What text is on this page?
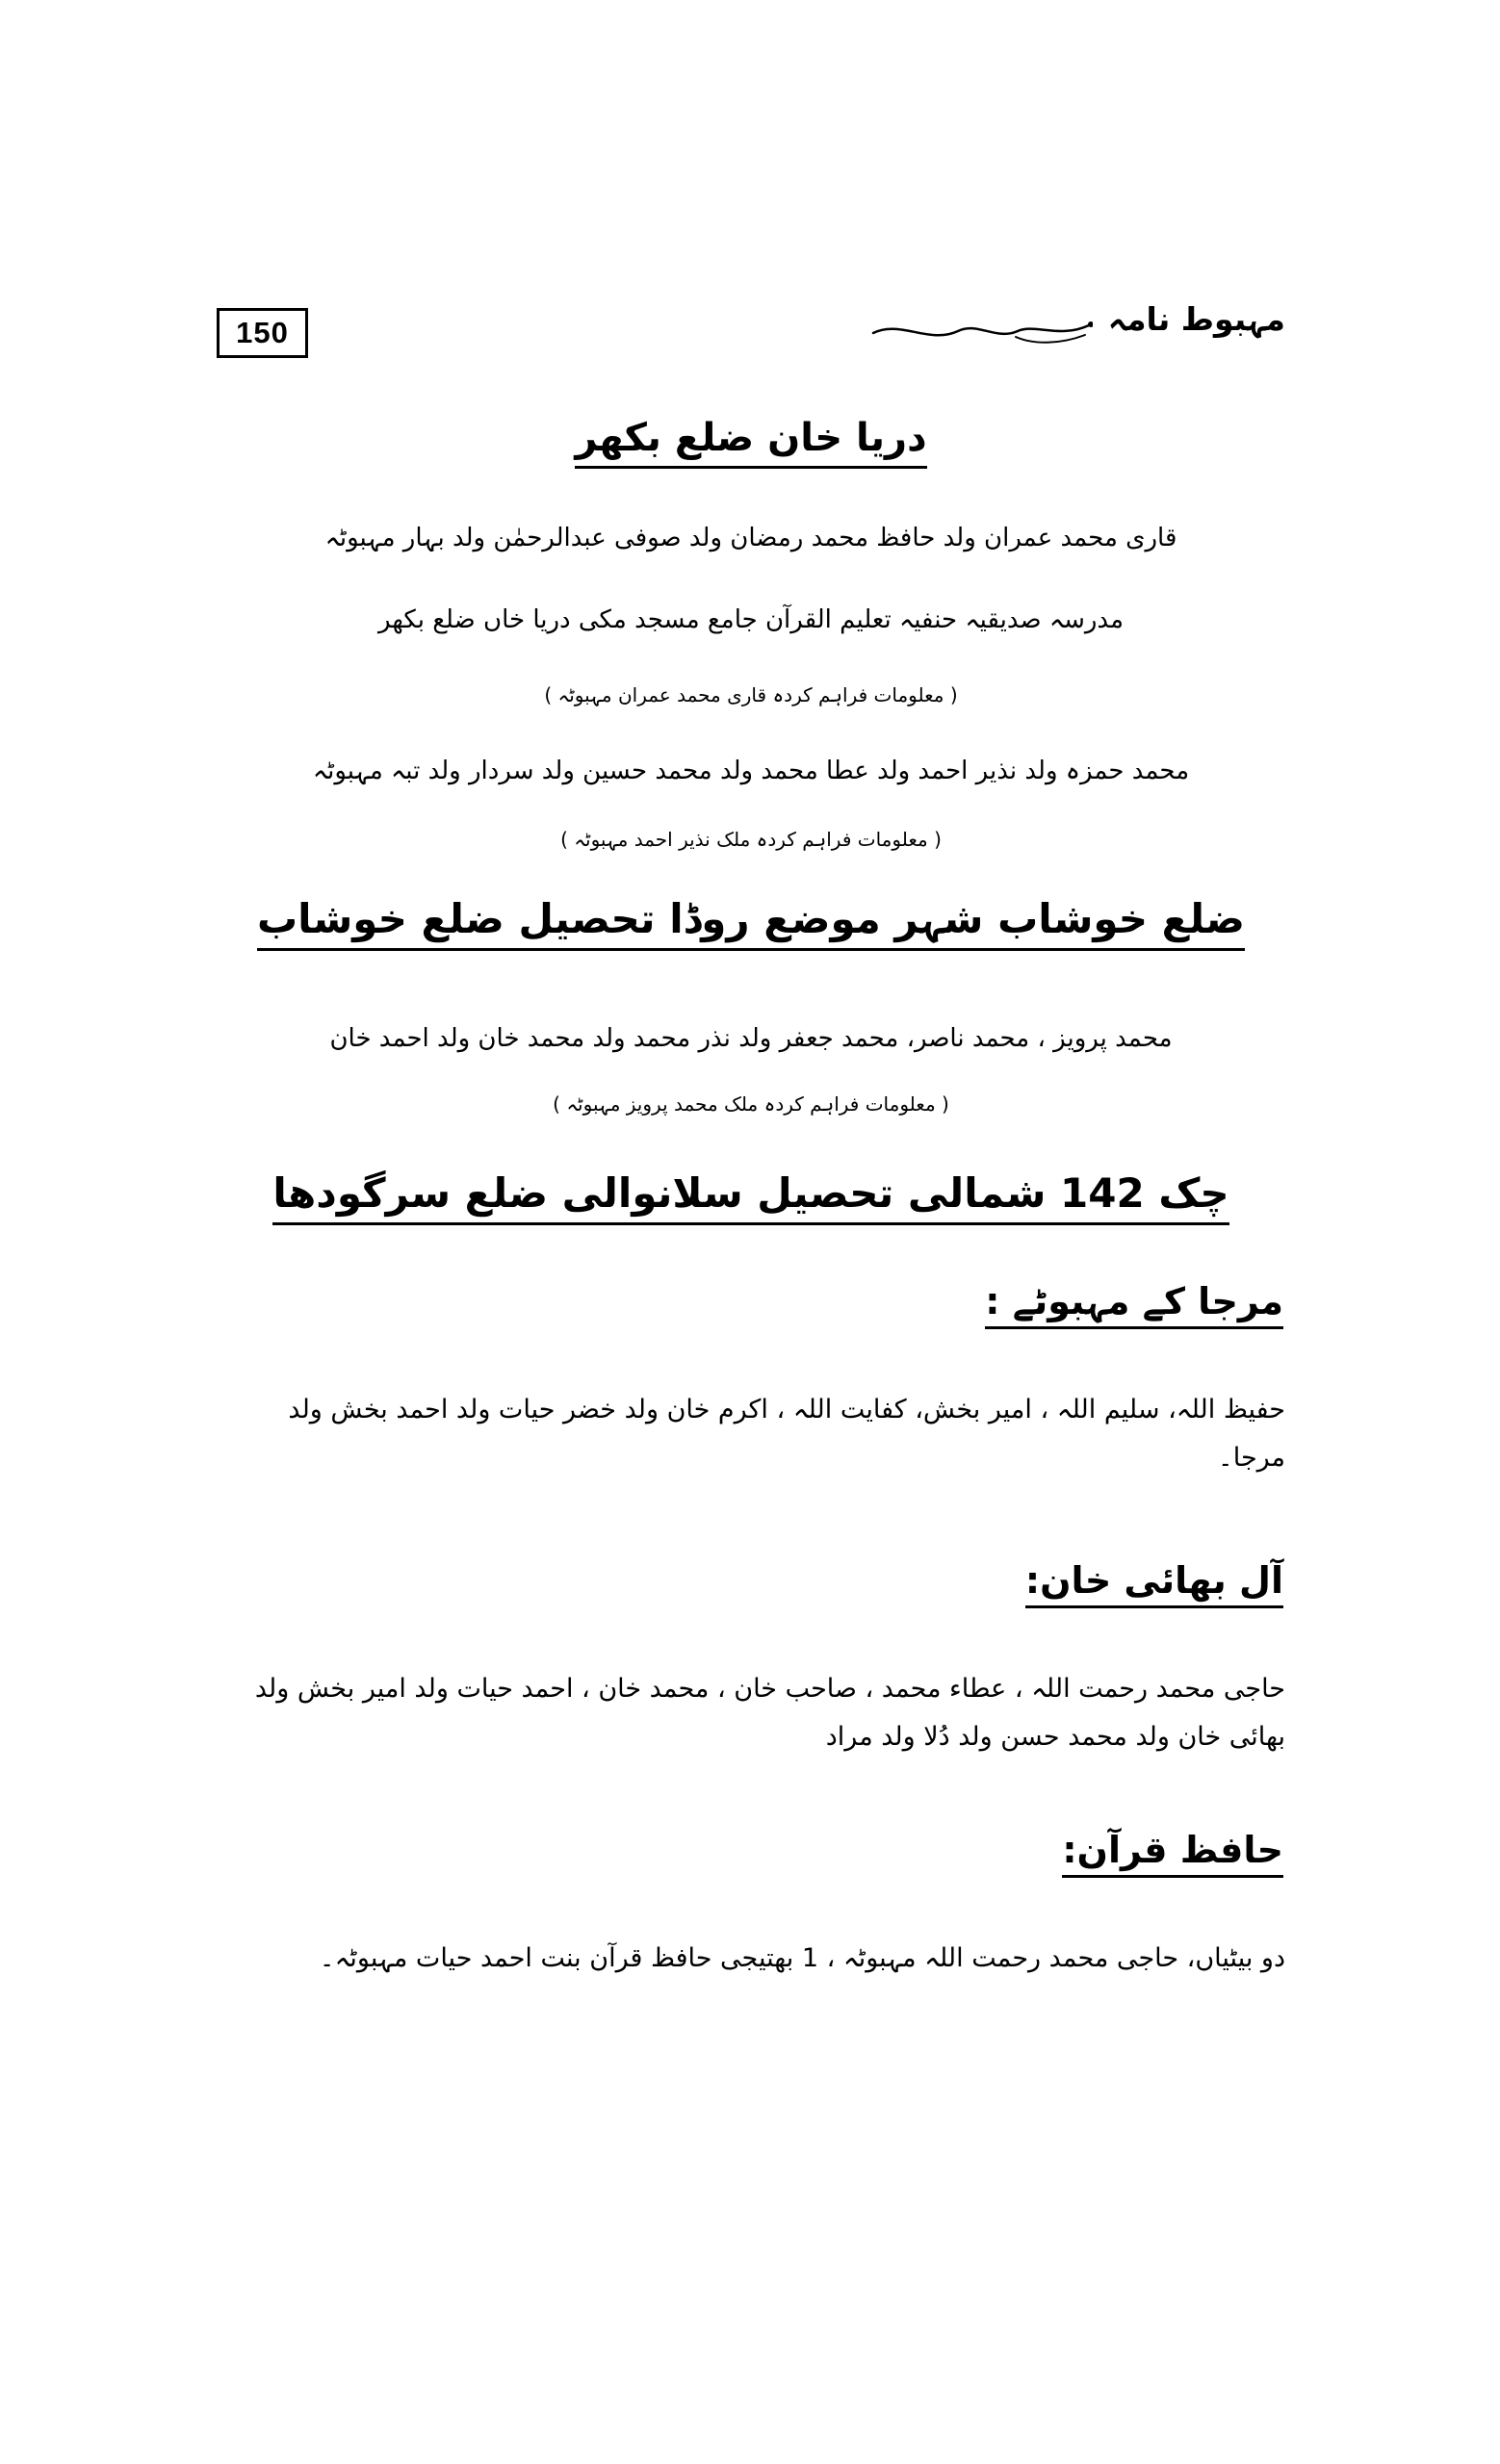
150	مہبوط نامہ
دریا خان ضلع بکھر
قاری محمد عمران ولد حافظ محمد رمضان ولد صوفی عبدالرحمٰن ولد بہار مہبوٹہ
مدرسہ صدیقیہ حنفیہ تعلیم القرآن جامع مسجد مکی دریا خاں ضلع بکھر
( معلومات فراہم کردہ قاری محمد عمران مہبوٹہ )
محمد حمزہ ولد نذیر احمد ولد عطا محمد ولد محمد حسین ولد سردار ولد تبہ مہبوٹہ
( معلومات فراہم کردہ ملک نذیر احمد مہبوٹہ )
ضلع خوشاب شہر موضع روڈا تحصیل ضلع خوشاب
محمد پرویز ، محمد ناصر، محمد جعفر ولد نذر محمد ولد محمد خان ولد احمد خان
( معلومات فراہم کردہ ملک محمد پرویز مہبوٹہ )
چک 142 شمالی تحصیل سلانوالی ضلع سرگودھا
مرجا کے مہبوٹے :
حفیظ اللہ، سلیم اللہ ، امیر بخش، کفایت اللہ ، اکرم خان ولد خضر حیات ولد احمد بخش ولد مرجا۔
آل بھائی خان:
حاجی محمد رحمت اللہ ، عطاء محمد ، صاحب خان ، محمد خان ، احمد حیات ولد امیر بخش ولد بھائی خان ولد محمد حسن ولد دُلا ولد مراد
حافظ قرآن:
دو بیٹیاں، حاجی محمد رحمت اللہ مہبوٹہ ، 1 بھتیجی حافظ قرآن بنت احمد حیات مہبوٹہ۔
